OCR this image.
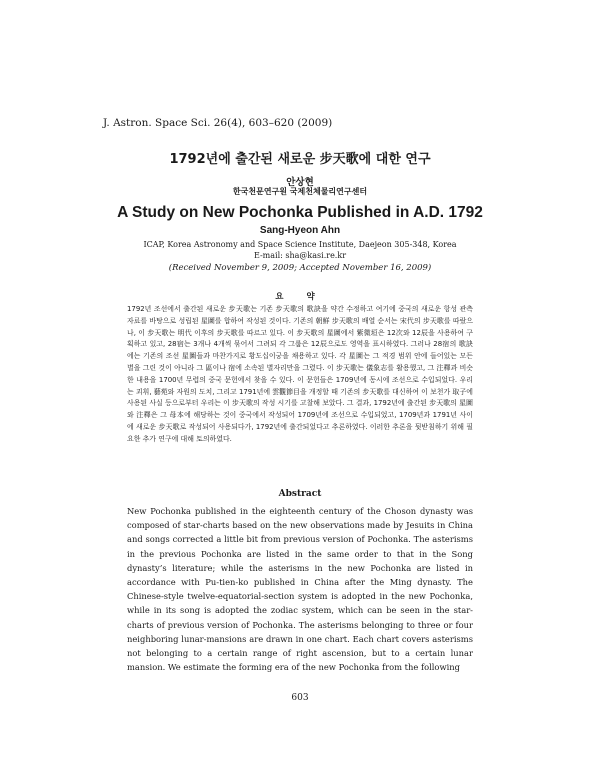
J. Astron. Space Sci. 26(4), 603–620 (2009)
1792년에 출간된 새로운 步天歌에 대한 연구
안상현
한국천문연구원 국제천체물리연구센터
A Study on New Pochonka Published in A.D. 1792
Sang-Hyeon Ahn
ICAP, Korea Astronomy and Space Science Institute, Daejeon 305-348, Korea
E-mail: sha@kasi.re.kr
(Received November 9, 2009; Accepted November 16, 2009)
요 약

1792년 조선에서 출간된 새로운 步天歌는 기존 步天歌의 歌訣을 약간 수정하고 여기에 중국의 새로운 항성 관측 자료를 바탕으로 성립된 星圖를 합하여 작성된 것이다. 기존의 朝鮮 步天歌의 배열 순서는 宋代의 步天歌를 따랐으나, 이 步天歌는 明代 이후의 步天歌를 따르고 있다. 이 步天歌의 星圖에서 紫微垣은 12次와 12辰을 사용하여 구획하고 있고, 28宿는 3개나 4개씩 묶어서 그려되 각 그룹은 12辰으로도 영역을 표시하였다. 그러나 28宿의 歌訣에는 기존의 조선 星圖들과 마찬가지로 황도십이궁을 채용하고 있다. 각 星圖는 그 적경 범위 안에 들어있는 모든 별을 그린 것이 아니라 그 區이나 宿에 소속된 별자리만을 그렸다. 이 步天歌는 儀象志를 활용했고, 그 注釋과 비슷한 내용을 1700년 무렵의 중국 문헌에서 찾을 수 있다. 이 문헌들은 1709년에 동시에 조선으로 수입되었다. 우리는 괴휘, 藝苑와 자원의 도치, 그리고 1791년에 雲觀節目을 개정할 때 기존의 步天歌를 대신하여 이 보천가 取子에 사용된 사실 등으로부터 우리는 이 步天歌의 작성 시기를 고찰해 보았다. 그 결과, 1792년에 출간된 步天歌의 星圖와 注釋은 그 母本에 해당하는 것이 중국에서 작성되어 1709년에 조선으로 수입되었고, 1709년과 1791년 사이에 새로운 步天歌로 작성되어 사용되다가, 1792년에 출간되었다고 추론하였다. 이러한 추론을 뒷받침하기 위해 필요한 추가 연구에 대해 토의하였다.

Abstract

New Pochonka published in the eighteenth century of the Choson dynasty was composed of star-charts based on the new observations made by Jesuits in China and songs corrected a little bit from previous version of Pochonka. The asterisms in the previous Pochonka are listed in the same order to that in the Song dynasty’s literature; while the asterisms in the new Pochonka are listed in accordance with Pu-tien-ko published in China after the Ming dynasty. The Chinese-style twelve-equatorial-section system is adopted in the new Pochonka, while in its song is adopted the zodiac system, which can be seen in the star-charts of previous version of Pochonka. The asterisms belonging to three or four neighboring lunar-mansions are drawn in one chart. Each chart covers asterisms not belonging to a certain range of right ascension, but to a certain lunar mansion. We estimate the forming era of the new Pochonka from the following

603
